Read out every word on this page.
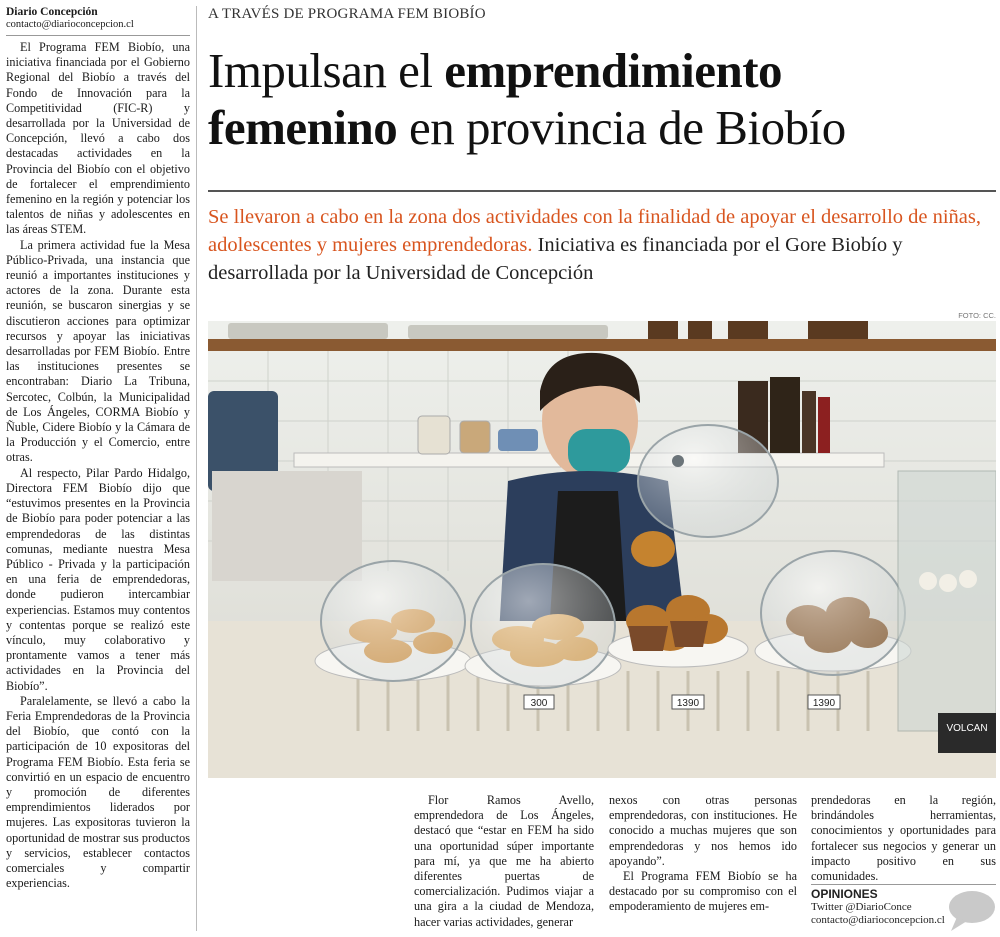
Diario Concepción
contacto@diarioconcepcion.cl

El Programa FEM Biobío, una iniciativa financiada por el Gobierno Regional del Biobío a través del Fondo de Innovación para la Competitividad (FIC-R) y desarrollada por la Universidad de Concepción, llevó a cabo dos destacadas actividades en la Provincia del Biobío con el objetivo de fortalecer el emprendimiento femenino en la región y potenciar los talentos de niñas y adolescentes en las áreas STEM.

La primera actividad fue la Mesa Público-Privada, una instancia que reunió a importantes instituciones y actores de la zona. Durante esta reunión, se buscaron sinergias y se discutieron acciones para optimizar recursos y apoyar las iniciativas desarrolladas por FEM Biobío. Entre las instituciones presentes se encontraban: Diario La Tribuna, Sercotec, Colbún, la Municipalidad de Los Ángeles, CORMA Biobío y Ñuble, Cidere Biobío y la Cámara de la Producción y el Comercio, entre otras.

Al respecto, Pilar Pardo Hidalgo, Directora FEM Biobío dijo que “estuvimos presentes en la Provincia de Biobío para poder potenciar a las emprendedoras de las distintas comunas, mediante nuestra Mesa Público - Privada y la participación en una feria de emprendedoras, donde pudieron intercambiar experiencias. Estamos muy contentos y contentas porque se realizó este vínculo, muy colaborativo y prontamente vamos a tener más actividades en la Provincia del Biobío”.

Paralelamente, se llevó a cabo la Feria Emprendedoras de la Provincia del Biobío, que contó con la participación de 10 expositoras del Programa FEM Biobío. Esta feria se convirtió en un espacio de encuentro y promoción de diferentes emprendimientos liderados por mujeres. Las expositoras tuvieron la oportunidad de mostrar sus productos y servicios, establecer contactos comerciales y compartir experiencias.

A TRAVÉS DE PROGRAMA FEM BIOBÍO
Impulsan el emprendimiento
femenino en provincia de Biobío
Se llevaron a cabo en la zona dos actividades con la finalidad de apoyar el desarrollo de niñas, adolescentes y mujeres emprendedoras. Iniciativa es financiada por el Gore Biobío y desarrollada por la Universidad de Concepción
FOTO: CC.
300	1390	1390
VOLCAN

Flor Ramos Avello, emprendedora de Los Ángeles, destacó que “estar en FEM ha sido una oportunidad súper importante para mí, ya que me ha abierto diferentes puertas de comercialización. Pudimos viajar a una gira a la ciudad de Mendoza, hacer varias actividades, generar

nexos con otras personas emprendedoras, con instituciones. He conocido a muchas mujeres que son emprendedoras y nos hemos ido apoyando”.

El Programa FEM Biobío se ha destacado por su compromiso con el empoderamiento de mujeres em-

prendedoras en la región, brindándoles herramientas, conocimientos y oportunidades para fortalecer sus negocios y generar un impacto positivo en sus comunidades.

OPINIONES
Twitter @DiarioConce
contacto@diarioconcepcion.cl
